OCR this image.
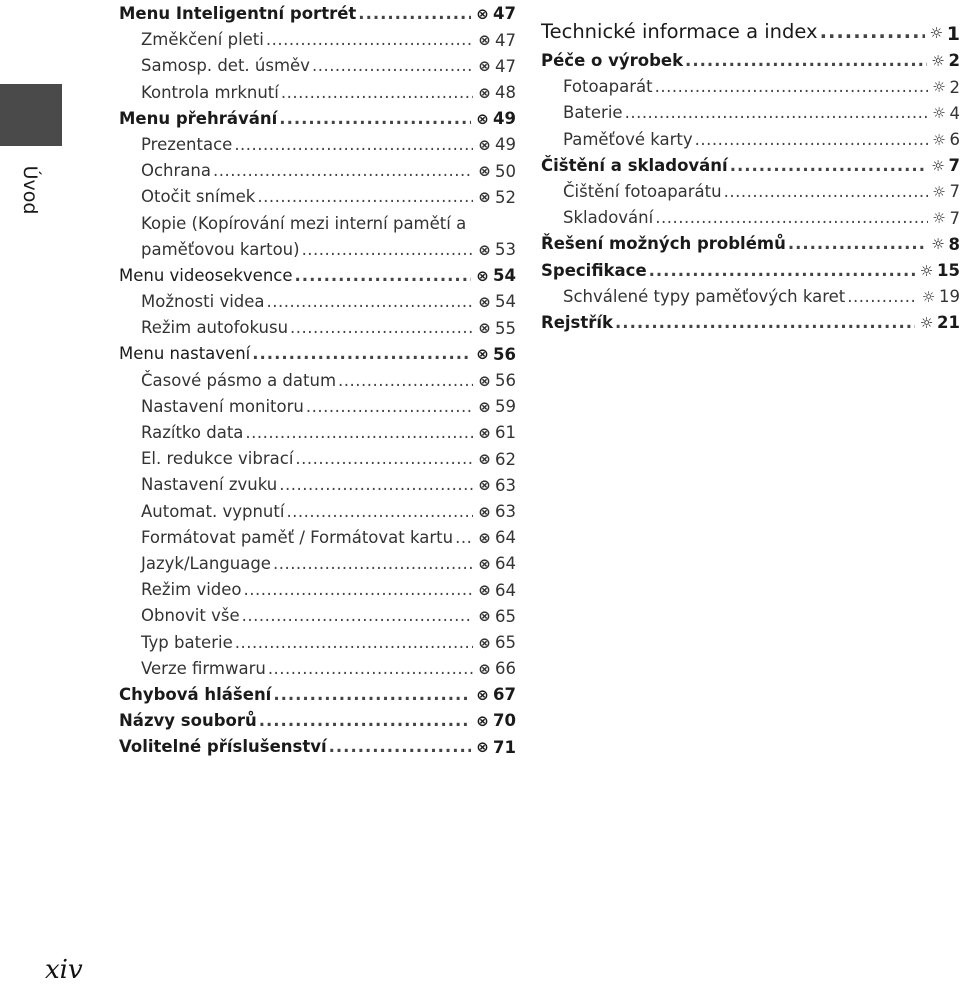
Úvod
Menu Inteligentní portrét .....	⊗ 47
Změkčení pleti .....	⊗ 47
Samosp. det. úsměv .....	⊗ 47
Kontrola mrknutí .....	⊗ 48
Menu přehrávání .....	⊗ 49
Prezentace .....	⊗ 49
Ochrana .....	⊗ 50
Otočit snímek .....	⊗ 52
Kopie (Kopírování mezi interní pamětí a
paměťovou kartou) .....	⊗ 53
Menu videosekvence .....	⊗ 54
Možnosti videa .....	⊗ 54
Režim autofokusu .....	⊗ 55
Menu nastavení .....	⊗ 56
Časové pásmo a datum .....	⊗ 56
Nastavení monitoru .....	⊗ 59
Razítko data .....	⊗ 61
El. redukce vibrací .....	⊗ 62
Nastavení zvuku .....	⊗ 63
Automat. vypnutí .....	⊗ 63
Formátovat paměť / Formátovat kartu ..... ⊗ 64
Jazyk/Language .....	⊗ 64
Režim video .....	⊗ 64
Obnovit vše .....	⊗ 65
Typ baterie .....	⊗ 65
Verze firmwaru .....	⊗ 66
Chybová hlášení .....	⊗ 67
Názvy souborů .....	⊗ 70
Volitelné příslušenství .....	⊗ 71
Technické informace a index .....	☼ 1
Péče o výrobek .....	☼ 2
Fotoaparát .....	☼ 2
Baterie .....	☼ 4
Paměťové karty .....	☼ 6
Čištění a skladování .....	☼ 7
Čištění fotoaparátu .....	☼ 7
Skladování .....	☼ 7
Řešení možných problémů .....	☼ 8
Specifikace .....	☼ 15
Schválené typy paměťových karet .....	☼ 19
Rejstřík .....	☼ 21
xiv
